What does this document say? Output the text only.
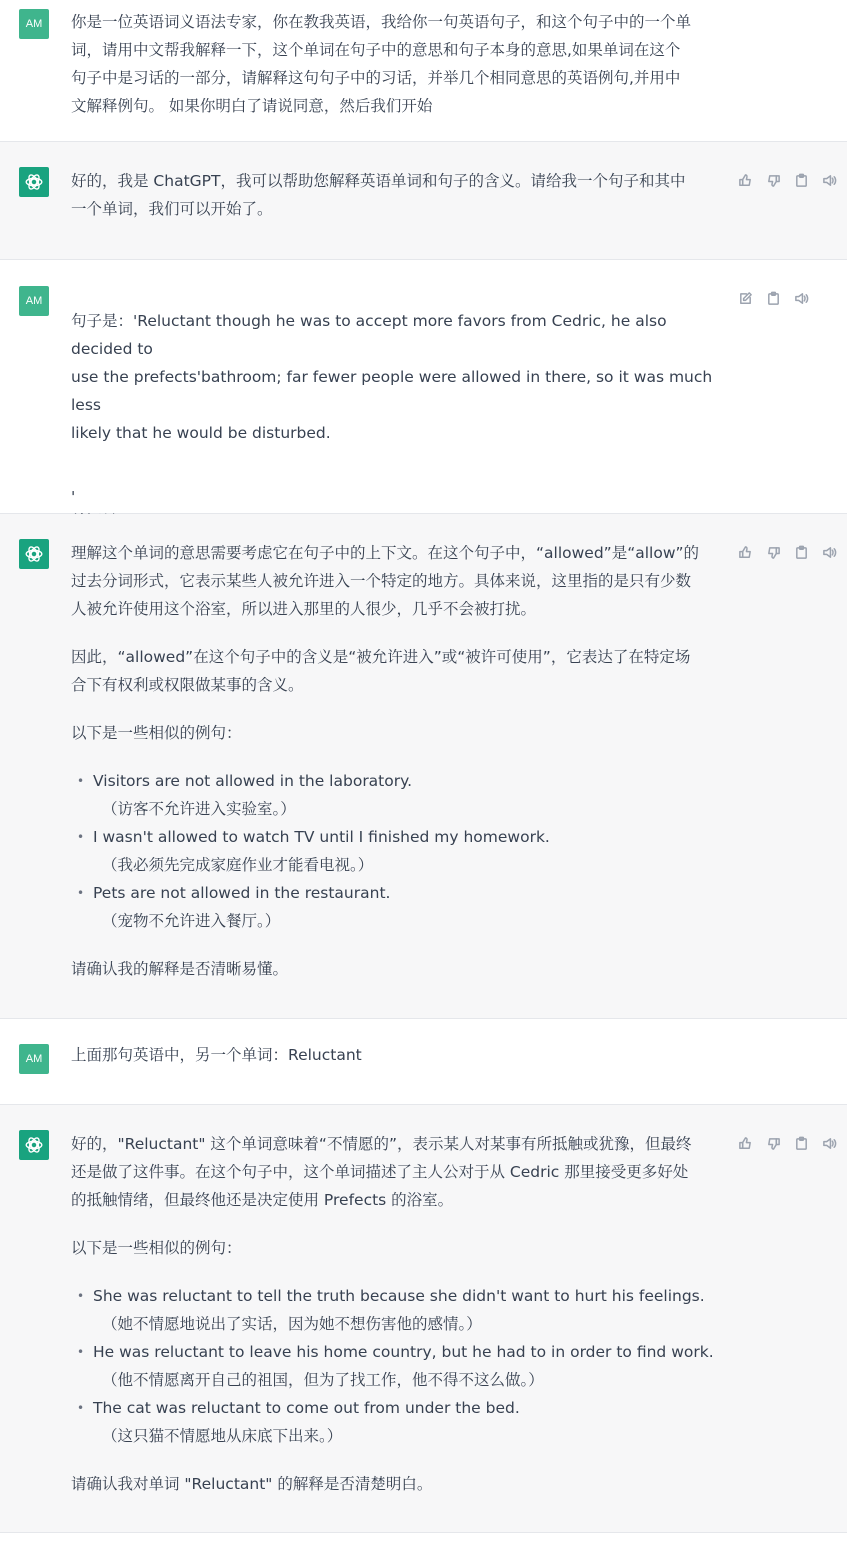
AM 你是一位英语词义语法专家，你在教我英语，我给你一句英语句子，和这个句子中的一个单

词，请用中文帮我解释一下，这个单词在句子中的意思和句子本身的意思,如果单词在这个

句子中是习话的一部分，请解释这句句子中的习话，并举几个相同意思的英语例句,并用中

文解释例句。 如果你明白了请说同意，然后我们开始

好的，我是 ChatGPT，我可以帮助您解释英语单词和句子的含义。请给我一个句子和其中

一个单词，我们可以开始了。

AM

句子是：'Reluctant though he was to accept more favors from Cedric, he also decided to

use the prefects'bathroom; far fewer people were allowed in there, so it was much less

likely that he would be disturbed.

'

理解这个单词的意思需要考虑它在句子中的上下文。在这个句子中，“allowed”是“allow”的

过去分词形式，它表示某些人被允许进入一个特定的地方。具体来说，这里指的是只有少数

人被允许使用这个浴室，所以进入那里的人很少，几乎不会被打扰。

因此，“allowed”在这个句子中的含义是“被允许进入”或“被许可使用”，它表达了在特定场

合下有权利或权限做某事的含义。

以下是一些相似的例句：

• Visitors are not allowed in the laboratory.
（访客不允许进入实验室。）
• I wasn't allowed to watch TV until I finished my homework.
（我必须先完成家庭作业才能看电视。）
• Pets are not allowed in the restaurant.
（宠物不允许进入餐厅。）

请确认我的解释是否清晰易懂。

AM 上面那句英语中，另一个单词：Reluctant

好的，"Reluctant" 这个单词意味着“不情愿的”，表示某人对某事有所抵触或犹豫，但最终

还是做了这件事。在这个句子中，这个单词描述了主人公对于从 Cedric 那里接受更多好处

的抵触情绪，但最终他还是决定使用 Prefects 的浴室。

以下是一些相似的例句：

• She was reluctant to tell the truth because she didn't want to hurt his feelings.
（她不情愿地说出了实话，因为她不想伤害他的感情。）
• He was reluctant to leave his home country, but he had to in order to find work.
（他不情愿离开自己的祖国，但为了找工作，他不得不这么做。）
• The cat was reluctant to come out from under the bed.
（这只猫不情愿地从床底下出来。）

请确认我对单词 "Reluctant" 的解释是否清楚明白。
